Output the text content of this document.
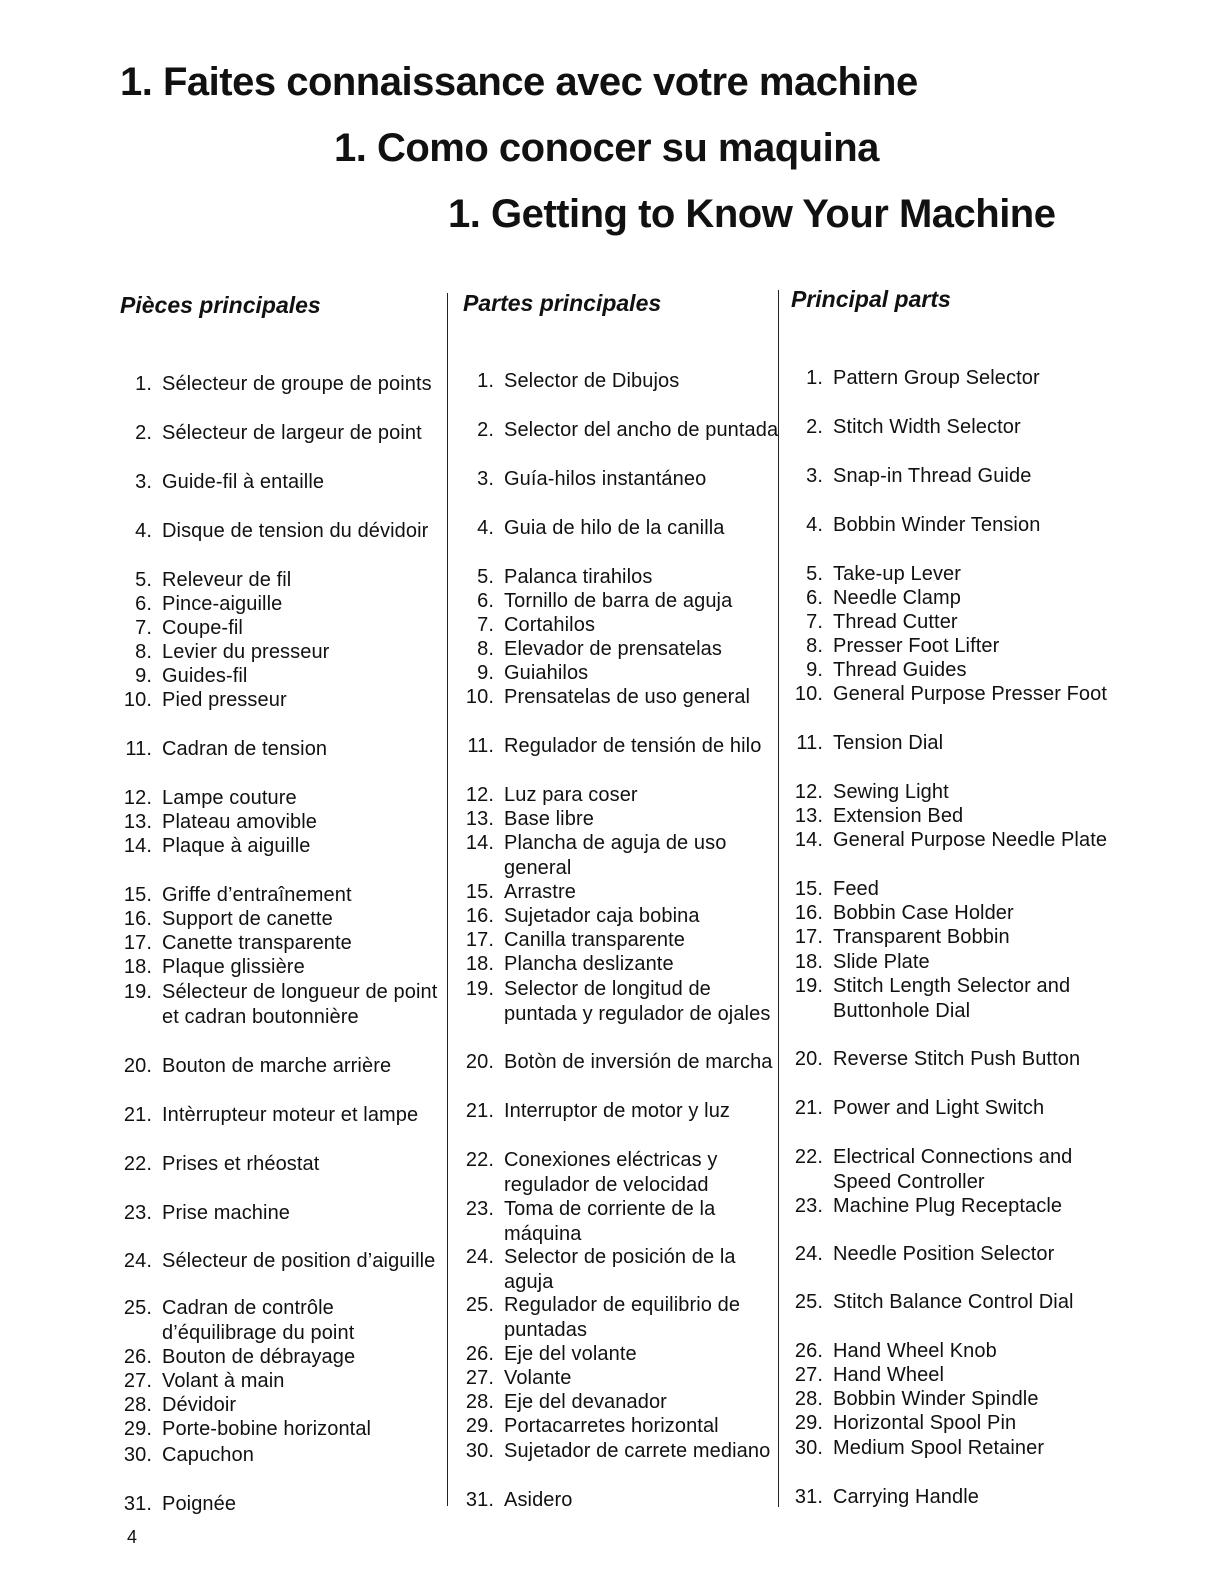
1. Faites connaissance avec votre machine
1. Como conocer su maquina
1. Getting to Know Your Machine
Pièces principales	Partes principales	Principal parts
1. Sélecteur de groupe de points
2. Sélecteur de largeur de point
3. Guide-fil à entaille
4. Disque de tension du dévidoir
5. Releveur de fil
6. Pince-aiguille
7. Coupe-fil
8. Levier du presseur
9. Guides-fil
10. Pied presseur
11. Cadran de tension
12. Lampe couture
13. Plateau amovible
14. Plaque à aiguille
15. Griffe d’entraînement
16. Support de canette
17. Canette transparente
18. Plaque glissière
19. Sélecteur de longueur de point et cadran boutonnière
20. Bouton de marche arrière
21. Intèrrupteur moteur et lampe
22. Prises et rhéostat
23. Prise machine
24. Sélecteur de position d’aiguille
25. Cadran de contrôle d’équilibrage du point
26. Bouton de débrayage
27. Volant à main
28. Dévidoir
29. Porte-bobine horizontal
30. Capuchon
31. Poignée
1. Selector de Dibujos
2. Selector del ancho de puntada
3. Guía-hilos instantáneo
4. Guia de hilo de la canilla
5. Palanca tirahilos
6. Tornillo de barra de aguja
7. Cortahilos
8. Elevador de prensatelas
9. Guiahilos
10. Prensatelas de uso general
11. Regulador de tensión de hilo
12. Luz para coser
13. Base libre
14. Plancha de aguja de uso general
15. Arrastre
16. Sujetador caja bobina
17. Canilla transparente
18. Plancha deslizante
19. Selector de longitud de puntada y regulador de ojales
20. Botòn de inversión de marcha
21. Interruptor de motor y luz
22. Conexiones eléctricas y regulador de velocidad
23. Toma de corriente de la máquina
24. Selector de posición de la aguja
25. Regulador de equilibrio de puntadas
26. Eje del volante
27. Volante
28. Eje del devanador
29. Portacarretes horizontal
30. Sujetador de carrete mediano
31. Asidero
1. Pattern Group Selector
2. Stitch Width Selector
3. Snap-in Thread Guide
4. Bobbin Winder Tension
5. Take-up Lever
6. Needle Clamp
7. Thread Cutter
8. Presser Foot Lifter
9. Thread Guides
10. General Purpose Presser Foot
11. Tension Dial
12. Sewing Light
13. Extension Bed
14. General Purpose Needle Plate
15. Feed
16. Bobbin Case Holder
17. Transparent Bobbin
18. Slide Plate
19. Stitch Length Selector and Buttonhole Dial
20. Reverse Stitch Push Button
21. Power and Light Switch
22. Electrical Connections and Speed Controller
23. Machine Plug Receptacle
24. Needle Position Selector
25. Stitch Balance Control Dial
26. Hand Wheel Knob
27. Hand Wheel
28. Bobbin Winder Spindle
29. Horizontal Spool Pin
30. Medium Spool Retainer
31. Carrying Handle
4
